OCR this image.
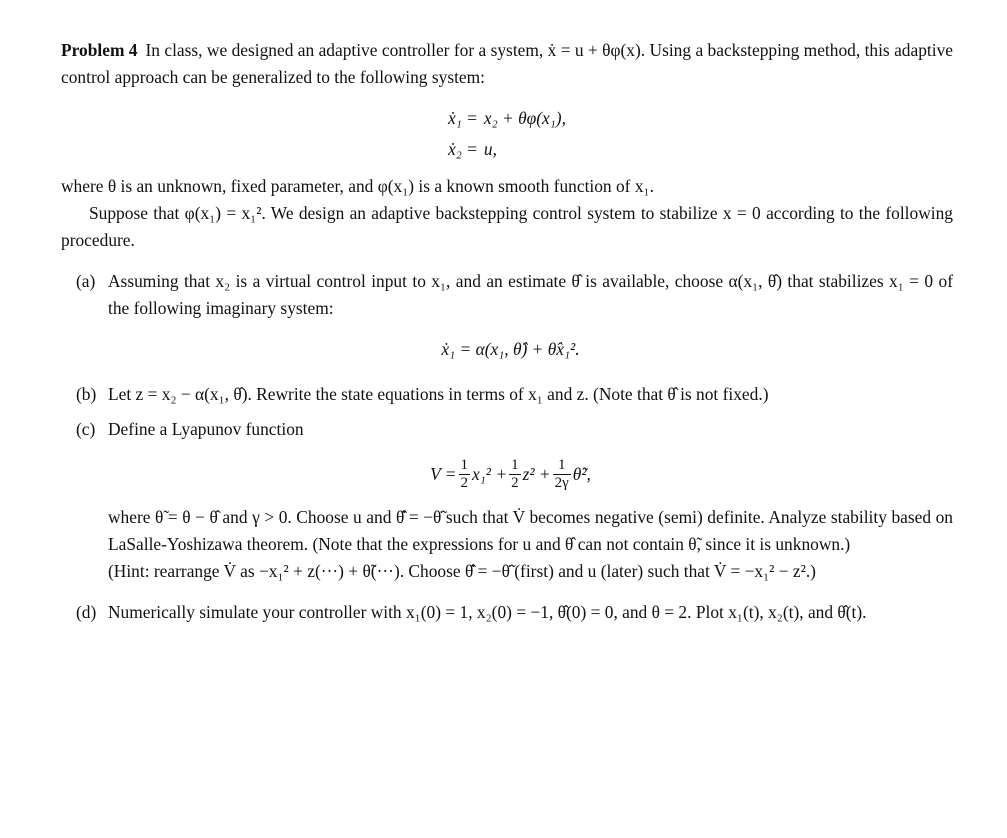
Problem 4 In class, we designed an adaptive controller for a system, ẋ = u + θφ(x). Using a backstepping method, this adaptive control approach can be generalized to the following system:

ẋ₁ = x₂ + θφ(x₁),
ẋ₂ = u,

where θ is an unknown, fixed parameter, and φ(x₁) is a known smooth function of x₁.

Suppose that φ(x₁) = x₁². We design an adaptive backstepping control system to stabilize x = 0 according to the following procedure.

(a) Assuming that x₂ is a virtual control input to x₁, and an estimate θ̂ is available, choose α(x₁, θ̂) that stabilizes x₁ = 0 of the following imaginary system:
ẋ₁ = α(x₁, θ̂) + θ̂x₁².
(b) Let z = x₂ − α(x₁, θ̂). Rewrite the state equations in terms of x₁ and z. (Note that θ̂ is not fixed.)
(c) Define a Lyapunov function
$V = \frac{1}{2} x_1^2 + \frac{1}{2} z^2 + \frac{1}{2\gamma}$ θ̃²,
where θ̃ = θ − θ̂ and γ > 0. Choose u and θ̂̇ = −θ̃̇ such that V̇ becomes negative (semi) definite. Analyze stability based on LaSalle-Yoshizawa theorem. (Note that the expressions for u and θ̂ can not contain θ̃, since it is unknown.)
(Hint: rearrange V̇ as −x₁² + z(···) + θ̃(···). Choose θ̂̇ = −θ̃̇ (first) and u (later) such that V̇ = −x₁² − z².)
(d) Numerically simulate your controller with x₁(0) = 1, x₂(0) = −1, θ̂(0) = 0, and θ = 2. Plot x₁(t), x₂(t), and θ̂(t).
